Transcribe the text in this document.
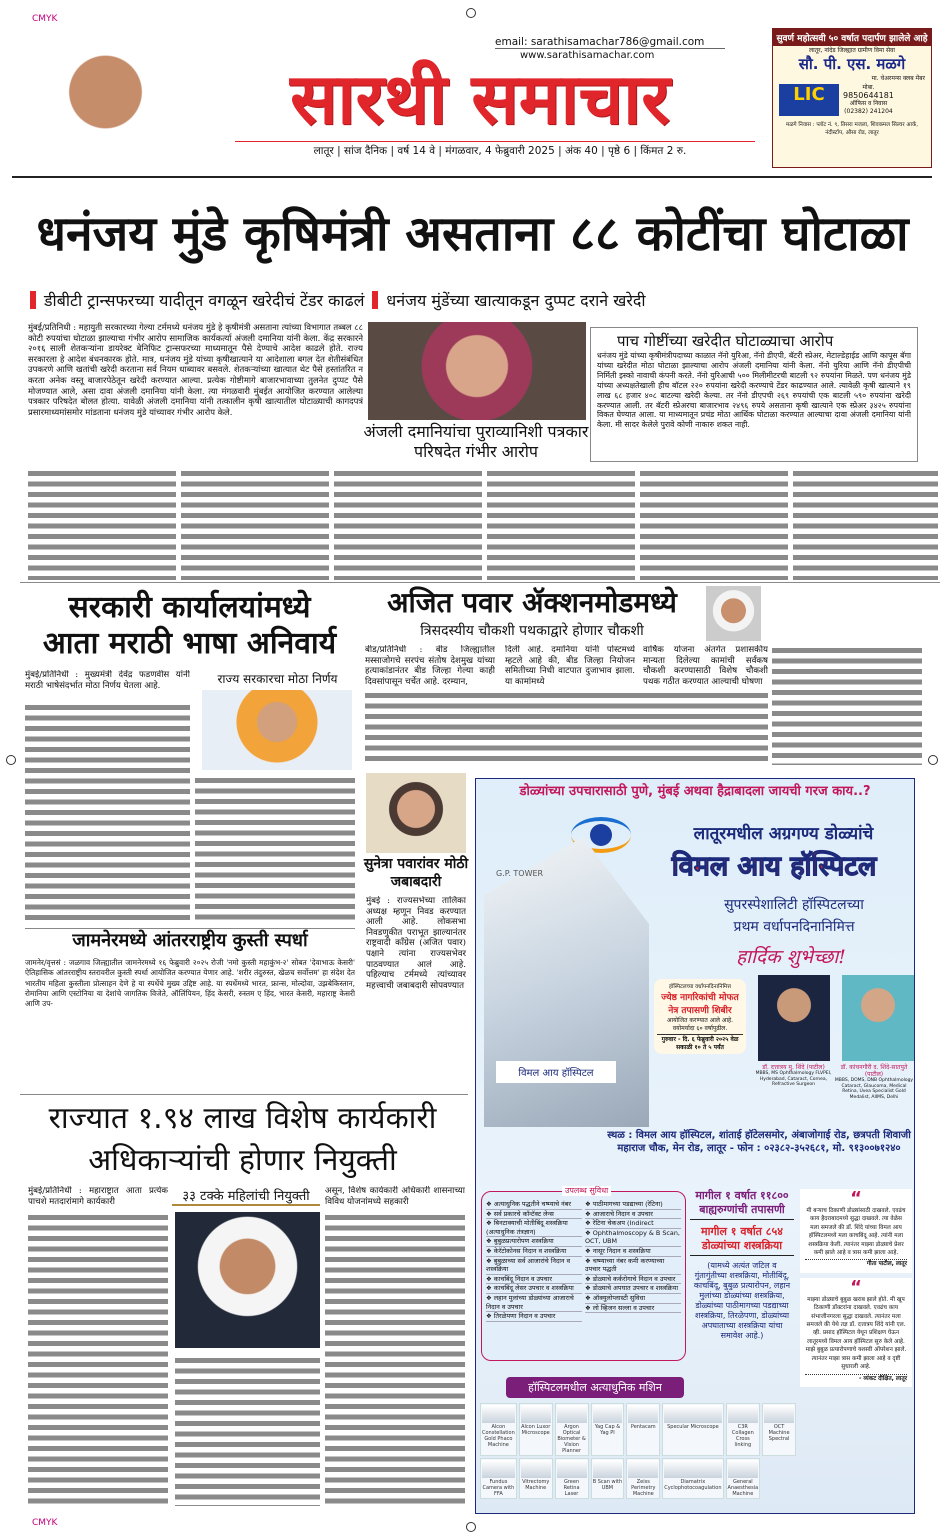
CMYK
CMYK
email: sarathisamachar786@gmail.com
www.sarathisamachar.com
सारथी समाचार
लातूर | सांज दैनिक | वर्ष 14 वे | मंगळवार, 4 फेब्रुवारी 2025 | अंक 40 | पृष्ठे 6 | किंमत 2 रु.
सुवर्ण महोत्सवी ५० वर्षात पदार्पण झालेले आहे
लातूर, नांदेड जिल्ह्यात ग्रामीण विमा सेवा
सौ. पी. एस. मळगे
मा. चेअरमन्स क्लब मेंबर
LIC	मोबा.
9850644181
ऑफिस व निवास
(02382) 241204
मळगे निवास : प्लॉट नं. ९, तिसरा मजला, शिवकमल सिल्वर आर्क, नंदीस्टॉप, औसा रोड, लातूर
धनंजय मुंडे कृषिमंत्री असताना ८८ कोटींचा घोटाळा
डीबीटी ट्रान्सफरच्या यादीतून वगळून खरेदीचं टेंडर काढलं धनंजय मुंडेंच्या खात्याकडून दुप्पट दराने खरेदी
मुंबई/प्रतिनिधी : महायुती सरकारच्या गेल्या टर्ममध्ये धनंजय मुंडे हे कृषीमंत्री असताना त्यांच्या विभागात तब्बल ८८ कोटी रुपयांचा घोटाळा झाल्याचा गंभीर आरोप सामाजिक कार्यकर्त्या अंजली दमानिया यांनी केला. केंद्र सरकारने २०१६ साली शेतकऱ्यांना डायरेक्ट बेनिफिट ट्रान्सफरच्या माध्यमातून पैसे देण्याचे आदेश काढले होते. राज्य सरकारला हे आदेश बंधनकारक होते. मात्र, धनंजय मुंडे यांच्या कृषीखात्याने या आदेशाला बगल देत शेतीसंबंधित उपकरणे आणि खतांची खरेदी करताना सर्व नियम धाब्यावर बसवले. शेतकऱ्यांच्या खात्यात थेट पैसे हस्तांतरित न करता अनेक वस्तू बाजारपेठेतून खरेदी करण्यात आल्या. प्रत्येक गोष्टीमागे बाजारभावाच्या तुलनेत दुप्पट पैसे मोजण्यात आले, असा दावा अंजली दमानिया यांनी केला. त्या मंगळवारी मुंबईत आयोजित करण्यात आलेल्या पत्रकार परिषदेत बोलत होत्या. यावेळी अंजली दमानिया यांनी तत्कालीन कृषी खात्यातील घोटाळ्याची कागदपत्रं प्रसारमाध्यमांसमोर मांडताना धनंजय मुंडे यांच्यावर गंभीर आरोप केले.
अंजली दमानियांचा पुराव्यानिशी पत्रकार परिषदेत गंभीर आरोप
पाच गोष्टींच्या खरेदीत घोटाळ्याचा आरोप
धनंजय मुंडे यांच्या कृषीमंत्रीपदाच्या काळात नॅनो युरिआ, नॅनो डीएपी, बॅटरी स्प्रेअर, मेटाल्डेहाईड आणि कापूस बॅगा यांच्या खरेदीत मोठा घोटाळा झाल्याचा आरोप अंजली दमानिया यांनी केला. नॅनो युरिया आणि नॅनो डीएपीची निर्मिती इस्को नावाची कंपनी करते. नॅनो युरिआची ५०० मिलीमीटरची बाटली ९२ रुपयांना मिळते. पण धनंजय मुंडे यांच्या अध्यक्षतेखाली हीच बॉटल २२० रुपयांना खरेदी करण्याचे टेंडर काढण्यात आले. त्यावेळी कृषी खात्याने १९ लाख ६८ हजार ४०८ बाटल्या खरेदी केल्या. तर नॅनो डीएपची २६९ रुपयांची एक बाटली ५९० रुपयांना खरेदी करण्यात आली. तर बॅटरी स्प्रेअरचा बाजारभाव २४९६ रुपये असताना कृषी खात्याने एक स्प्रेअर ३४२५ रुपयांना विकत घेण्यात आला. या माध्यमातून प्रचंड मोठा आर्थिक घोटाळा करण्यात आल्याचा दावा अंजली दमानिया यांनी केला. मी सादर केलेले पुरावे कोणी नाकारु शकत नाही.
सरकारी कार्यालयांमध्ये
आता मराठी भाषा अनिवार्य
मुंबई/प्रतिनिधी : मुख्यमंत्री देवेंद्र फडणवीस यांनी मराठी भाषेसंदर्भात मोठा निर्णय घेतला आहे.	राज्य सरकारचा मोठा निर्णय
अजित पवार ॲक्शनमोडमध्ये
त्रिसदस्यीय चौकशी पथकाद्वारे होणार चौकशी
बीड/प्रतिनिधी : बीड जिल्ह्यातील मस्साजोगचे सरपंच संतोष देशमुख यांच्या हत्याकांडानंतर बीड जिल्हा गेल्या काही दिवसांपासून चर्चेत आहे. दरम्यान,
दिली आहे. दमानिया यांनी पोस्टमध्ये म्हटले आहे की, बीड जिल्हा नियोजन समितीच्या निधी वाटपात दुजाभाव झाला. या कामांमध्ये
वार्षिक योजना अंतर्गत प्रशासकीय मान्यता दिलेल्या कामांची सर्वंकष चौकशी करण्यासाठी विशेष चौकशी पथक गठीत करण्यात आल्याची घोषणा
सुनेत्रा पवारांवर मोठी जबाबदारी
मुंबई : राज्यसभेच्या तालिका अध्यक्ष म्हणून निवड करण्यात आली आहे. लोकसभा निवडणुकीत पराभूत झाल्यानंतर राष्ट्रवादी काँग्रेस (अजित पवार) पक्षाने त्यांना राज्यसभेवर पाठवण्यात आलं आहे. पहिल्याच टर्ममध्ये त्यांच्यावर महत्त्वाची जबाबदारी सोपवण्यात
जामनेरमध्ये आंतरराष्ट्रीय कुस्ती स्पर्धा
जामनेर/वृत्तसं : जळगाव जिल्ह्यातील जामनेरमध्ये १६ फेब्रुवारी २०२५ रोजी 'नमो कुस्ती महाकुंभ-२' सोबत 'देवाभाऊ केसरी' ऐतिहासिक आंतरराष्ट्रीय स्तरावरील कुस्ती स्पर्धा आयोजित करण्यात येणार आहे. 'शरीर तंदुरुस्त, खेळच सर्वोत्तम' हा संदेश देत भारतीय महिला कुस्तीला प्रोत्साहन देणे हे या स्पर्धेचे मुख्य उद्दिष्ट आहे. या स्पर्धेमध्ये भारत, फ्रान्स, मोल्दोवा, उझबेकिस्तान, रोमानिया आणि एस्टोनिया या देशांचे जागतिक विजेते, ऑलिंपियन, हिंद केसरी, रुस्तम ए हिंद, भारत केसरी, महाराष्ट्र केसरी आणि उप-
राज्यात १.९४ लाख विशेष कार्यकारी
अधिकाऱ्यांची होणार नियुक्ती
मुंबई/प्रतिनिधी : महाराष्ट्रात आता प्रत्येक पाचशे मतदारांमागे कार्यकारी	३३ टक्के महिलांची नियुक्ती	असून, विशेष कार्यकारी अधिकारी शासनाच्या विविध योजनांमध्ये सहकारी
डोळ्यांच्या उपचारासाठी पुणे, मुंबई अथवा हैद्राबादला जायची गरज काय..?
लातूरमधील अग्रगण्य डोळ्यांचे
विमल आय हॉस्पिटल
सुपरस्पेशालिटी हॉस्पिटलच्या
प्रथम वर्धापनदिनानिमित्त
हार्दिक शुभेच्छा!
G.P. TOWER
विमल आय हॉस्पिटल
हॉस्पिटलच्या वर्धापनदिनानिमित्त
ज्येष्ठ नागरिकांची मोफत नेत्र तपासणी शिबीर
आयोजित करण्यात आले आहे. वयोमर्यादा ६० वर्षापुढील.
गुरुवार - दि. ६ फेब्रुवारी २०२५ वेळ सकाळी १० ते ५ पर्यंत
डॉ. दत्तात्रय मु. शिंदे (पाटील)
MBBS, MS Ophthalmology FLVPEI, Hyderabad, Cataract, Cornea, Refractive Surgeon
डॉ. कांचनगौरी द. शिंदे-सातपुते (पाटील)
MBBS, DOMS, DNB Ophthalmology Cataract, Glaucoma, Medical Retina, Uvea Specialist Gold Medalist, AIIMS, Delhi
स्थळ : विमल आय हॉस्पिटल, शांताई हॉटेलसमोर, अंबाजोगाई रोड, छत्रपती शिवाजी महाराज चौक, मेन रोड, लातूर - फोन : ०२३८२-३५२६८१, मो. ९१३००७१२४०
उपलब्ध सुविधा
❖ अत्याधुनिक पद्धतीने चष्म्याचे नंबर
❖ सर्व प्रकारचे कॉन्टॅक्ट लेन्स
❖ बिनटाक्याची मोतीबिंदू शस्त्रक्रिया (अत्याधुनिक तंत्रज्ञान)
❖ बुबुळप्रत्यारोपण शस्त्रक्रिया
❖ केरॅटोकोनस निदान व शस्त्रक्रिया
❖ बुबुळाच्या सर्व आजारांचे निदान व शस्त्रक्रिया
❖ काचबिंदू निदान व उपचार
❖ काचबिंदू लेसर उपचार व शस्त्रक्रिया
❖ लहान मुलांच्या डोळ्यांच्या आजाराचे निदान व उपचार
❖ तिरळेपणा निदान व उपचार
❖ पाठीमागच्या पडद्याच्या (रेटिना)
❖ आजाराचे निदान व उपचार
❖ रेटिना चेकअप (Indirect
❖ Ophthalmoscopy & B Scan, OCT, UBM
❖ नासूर निदान व शस्त्रक्रिया
❖ चष्म्याच्या नंबर कमी करण्याच्या उपचार पद्धती
❖ डोळ्याचे कर्करोगाचे निदान व उपचार
❖ डोळ्याचे अपघात उपचार व शस्त्रक्रिया
❖ ऑक्युलोप्लास्टी सुविधा
❖ लो व्हिजन सल्ला व उपचार
मागील १ वर्षात ११८०० बाह्यरुग्णांची तपासणी
मागील १ वर्षात ८५४ डोळ्यांच्या शस्त्रक्रिया
(यामध्ये अत्यंत जटिल व गुंतागुंतीच्या शस्त्रक्रिया, मोतीबिंदू, काचबिंदू, बुबुळ प्रत्यारोपन, लहान मुलांच्या डोळ्यांच्या शस्त्रक्रिया, डोळ्यांच्या पाठीमागच्या पडद्याच्या शस्त्रक्रिया, तिरळेपणा, डोळ्यांच्या अपघाताच्या शस्त्रक्रिया यांचा समावेश आहे.)
“
मी बऱ्याच ठिकाणी डोळ्यांसाठी दाखवले. एवढंच काय हैदराबादमध्ये सुद्धा दाखवले. त्या वेळेस मला समजले की डॉ. शिंदे यांच्या विमल आय हॉस्पिटलमध्ये मला काचबिंदू आहे. त्यांनी मला शस्त्रक्रिया केली. त्यानंतर माझ्या डोळ्याचे प्रेशर कमी झाले आहे व त्रास कमी झाला आहे.
गीता पाटील, लातूर
“
माझ्या डोळ्याचे बुबुळ खराब झाले होते. मी खूप ठिकाणी डॉक्टरांना दाखवले. एवढंच काय संभाजीनगरला सुद्धा दाखवले. त्यानंतर मला समजले की येथे तज्ञ डॉ. दत्तात्रय शिंदे यांनी एल. व्ही. प्रसाद हॉस्पिटल येथून प्रशिक्षण घेऊन लातूरमध्ये विमल आय हॉस्पिटल सुरु केले आहे. माझे बुबुळ प्रत्यारोपणाचे यशस्वी ऑपरेशन झाले. त्यानंतर माझा त्रास कमी झाला आहे व दृष्टी सुधारली आहे.
- व्यंकट दीक्षित, लातूर
हॉस्पिटलमधील अत्याधुनिक मशिन
Alcon Constellation Gold Phaco Machine
Alcon Luxor Microscope
Argon Optical Biometer & Vision Planner
Yag Cap & Yag PI
Pentacam	Specular Microscope	C3R Collagen Cross linking
OCT Machine Spectral
Fundus Camera with FFA
Vitrectomy Machine
Green Retina Laser
B Scan with UBM
Zeiss Perimetry Machine
Diamatrix Cyclophotocoagulation
General Anaesthesia Machine
